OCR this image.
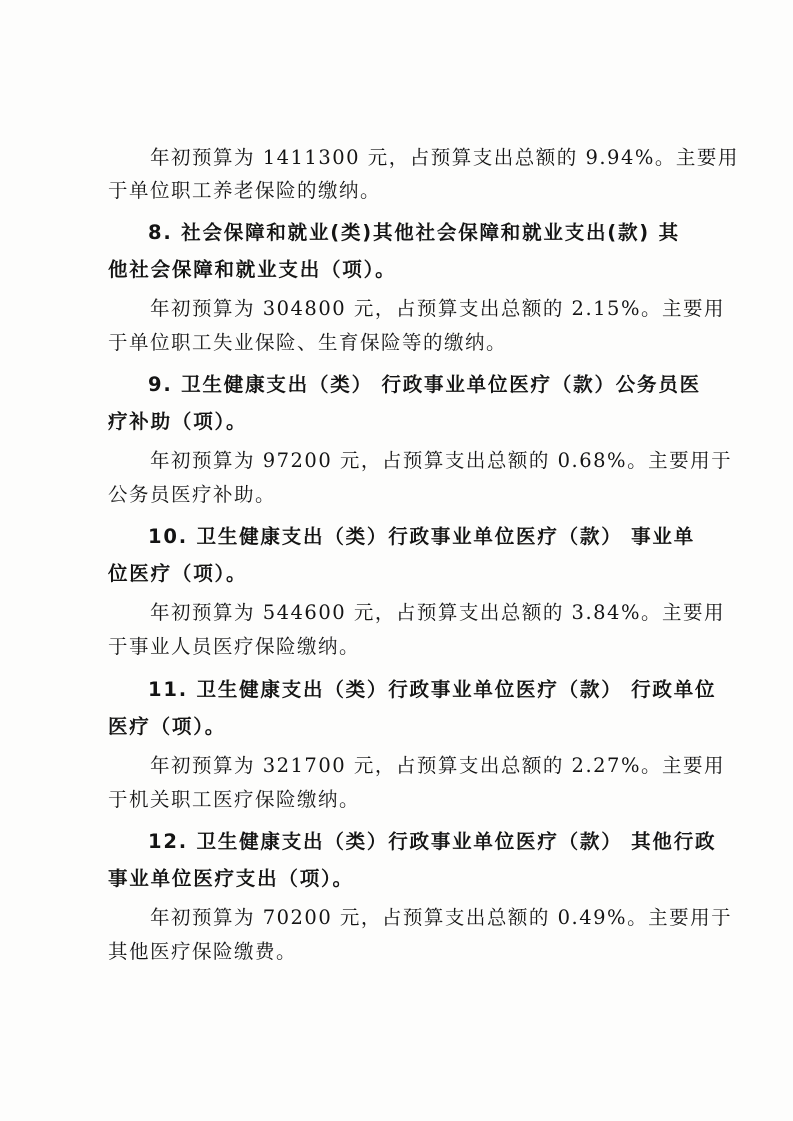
年初预算为 1411300 元，占预算支出总额的 9.94%。主要用
于单位职工养老保险的缴纳。
8. 社会保障和就业(类)其他社会保障和就业支出(款) 其
他社会保障和就业支出（项）。
年初预算为 304800 元，占预算支出总额的 2.15%。主要用
于单位职工失业保险、生育保险等的缴纳。
9. 卫生健康支出（类） 行政事业单位医疗（款）公务员医
疗补助（项）。
年初预算为 97200 元，占预算支出总额的 0.68%。主要用于
公务员医疗补助。
10. 卫生健康支出（类）行政事业单位医疗（款） 事业单
位医疗（项）。
年初预算为 544600 元，占预算支出总额的 3.84%。主要用
于事业人员医疗保险缴纳。
11. 卫生健康支出（类）行政事业单位医疗（款） 行政单位
医疗（项）。
年初预算为 321700 元，占预算支出总额的 2.27%。主要用
于机关职工医疗保险缴纳。
12. 卫生健康支出（类）行政事业单位医疗（款） 其他行政
事业单位医疗支出（项）。
年初预算为 70200 元，占预算支出总额的 0.49%。主要用于
其他医疗保险缴费。
